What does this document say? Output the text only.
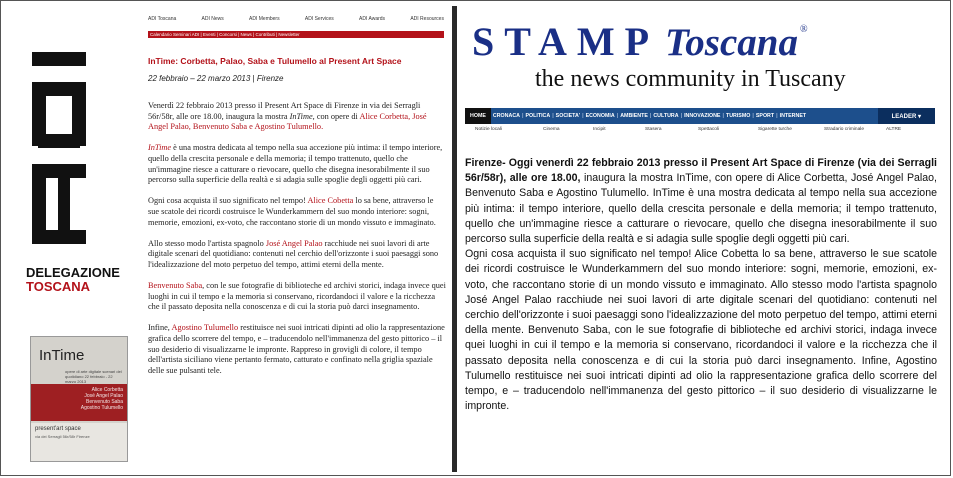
DELEGAZIONE
TOSCANA
InTime
opere di arte digitale scenari del quotidiano 22 febbraio - 22 marzo 2013
Alice Corbetta
José Angel Palao
Benvenuto Saba
Agostino Tulumello
present'art space
via dei Serragli 56r/58r Firenze
ADI Toscana	ADI News	ADI Members	ADI Services	ADI Awards	ADI Resources
Calendario Seminari ADI | Eventi | Concorsi | News | Contributi | Newsletter
InTime: Corbetta, Palao, Saba e Tulumello al Present Art Space
22 febbraio – 22 marzo 2013 | Firenze

Venerdì 22 febbraio 2013 presso il Present Art Space di Firenze in via dei Serragli 56r/58r, alle ore 18.00, inaugura la mostra InTime, con opere di Alice Corbetta, José Angel Palao, Benvenuto Saba e Agostino Tulumello.

InTime è una mostra dedicata al tempo nella sua accezione più intima: il tempo interiore, quello della crescita personale e della memoria; il tempo trattenuto, quello che un'immagine riesce a catturare o rievocare, quello che disegna inesorabilmente il suo percorso sulla superficie della realtà e si adagia sulle spoglie degli oggetti più cari.

Ogni cosa acquista il suo significato nel tempo! Alice Cobetta lo sa bene, attraverso le sue scatole dei ricordi costruisce le Wunderkammern del suo mondo interiore: sogni, memorie, emozioni, ex-voto, che raccontano storie di un mondo vissuto e immaginato.

Allo stesso modo l'artista spagnolo José Angel Palao racchiude nei suoi lavori di arte digitale scenari del quotidiano: contenuti nel cerchio dell'orizzonte i suoi paesaggi sono l'idealizzazione del moto perpetuo del tempo, attimi eterni della mente.

Benvenuto Saba, con le sue fotografie di biblioteche ed archivi storici, indaga invece quei luoghi in cui il tempo e la memoria si conservano, ricordandoci il valore e la ricchezza che il passato deposita nella conoscenza e di cui la storia può darci insegnamento.

Infine, Agostino Tulumello restituisce nei suoi intricati dipinti ad olio la rappresentazione grafica dello scorrere del tempo, e – traducendolo nell'immanenza del gesto pittorico – il suo desiderio di visualizzarne le impronte. Rappreso in grovigli di colore, il tempo dell'artista siciliano viene pertanto fermato, catturato e confinato nella griglia spaziale delle sue pulsanti tele.

STAMP Toscana ®
the news community in Tuscany
HOME	CRONACA | POLITICA | SOCIETA' | ECONOMIA | AMBIENTE | CULTURA | INNOVAZIONE | TURISMO | SPORT | INTERNET	LEADER ▾
Notizie locali	Cinema	Incipit	Stasera	Spettacoli	Sigarette turche	Stradario criminale	ALTRE

Firenze- Oggi venerdì 22 febbraio 2013 presso il Present Art Space di Firenze (via dei Serragli 56r/58r), alle ore 18.00, inaugura la mostra InTime, con opere di Alice Corbetta, José Angel Palao, Benvenuto Saba e Agostino Tulumello. InTime è una mostra dedicata al tempo nella sua accezione più intima: il tempo interiore, quello della crescita personale e della memoria; il tempo trattenuto, quello che un'immagine riesce a catturare o rievocare, quello che disegna inesorabilmente il suo percorso sulla superficie della realtà e si adagia sulle spoglie degli oggetti più cari.

Ogni cosa acquista il suo significato nel tempo! Alice Cobetta lo sa bene, attraverso le sue scatole dei ricordi costruisce le Wunderkammern del suo mondo interiore: sogni, memorie, emozioni, ex-voto, che raccontano storie di un mondo vissuto e immaginato. Allo stesso modo l'artista spagnolo José Angel Palao racchiude nei suoi lavori di arte digitale scenari del quotidiano: contenuti nel cerchio dell'orizzonte i suoi paesaggi sono l'idealizzazione del moto perpetuo del tempo, attimi eterni della mente. Benvenuto Saba, con le sue fotografie di biblioteche ed archivi storici, indaga invece quei luoghi in cui il tempo e la memoria si conservano, ricordandoci il valore e la ricchezza che il passato deposita nella conoscenza e di cui la storia può darci insegnamento. Infine, Agostino Tulumello restituisce nei suoi intricati dipinti ad olio la rappresentazione grafica dello scorrere del tempo, e – traducendolo nell'immanenza del gesto pittorico – il suo desiderio di visualizzarne le impronte.
